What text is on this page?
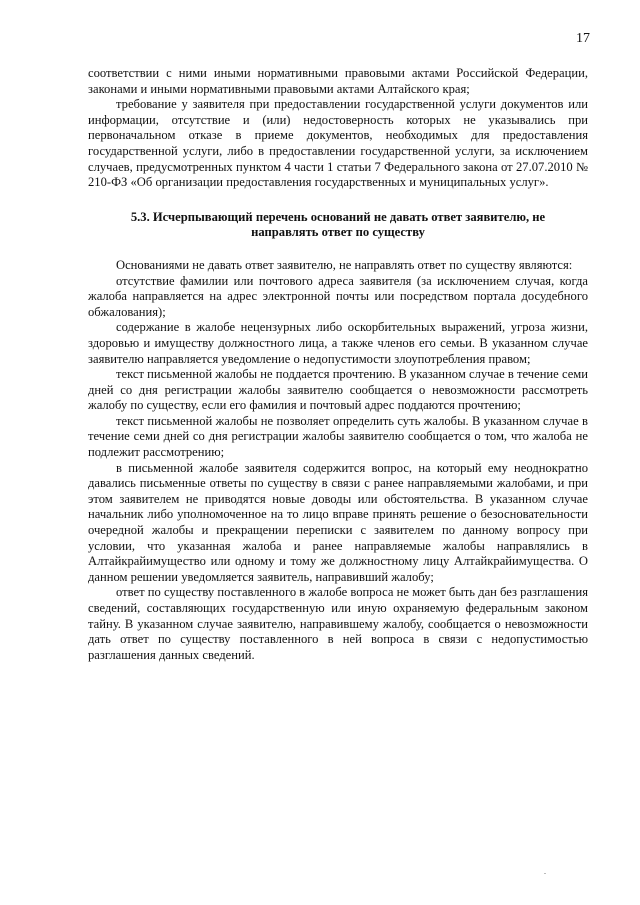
17

соответствии с ними иными нормативными правовыми актами Российской Федерации, законами и иными нормативными правовыми актами Алтайского края;

требование у заявителя при предоставлении государственной услуги документов или информации, отсутствие и (или) недостоверность которых не указывались при первоначальном отказе в приеме документов, необходимых для предоставления государственной услуги, либо в предоставлении государственной услуги, за исключением случаев, предусмотренных пунктом 4 части 1 статьи 7 Федерального закона от 27.07.2010 № 210-ФЗ «Об организации предоставления государственных и муниципальных услуг».

5.3. Исчерпывающий перечень оснований не давать ответ заявителю, не
направлять ответ по существу

Основаниями не давать ответ заявителю, не направлять ответ по существу являются:

отсутствие фамилии или почтового адреса заявителя (за исключением случая, когда жалоба направляется на адрес электронной почты или посредством портала досудебного обжалования);

содержание в жалобе нецензурных либо оскорбительных выражений, угроза жизни, здоровью и имуществу должностного лица, а также членов его семьи. В указанном случае заявителю направляется уведомление о недопустимости злоупотребления правом;

текст письменной жалобы не поддается прочтению. В указанном случае в течение семи дней со дня регистрации жалобы заявителю сообщается о невозможности рассмотреть жалобу по существу, если его фамилия и почтовый адрес поддаются прочтению;

текст письменной жалобы не позволяет определить суть жалобы. В указанном случае в течение семи дней со дня регистрации жалобы заявителю сообщается о том, что жалоба не подлежит рассмотрению;

в письменной жалобе заявителя содержится вопрос, на который ему неоднократно давались письменные ответы по существу в связи с ранее направляемыми жалобами, и при этом заявителем не приводятся новые доводы или обстоятельства. В указанном случае начальник либо уполномоченное на то лицо вправе принять решение о безосновательности очередной жалобы и прекращении переписки с заявителем по данному вопросу при условии, что указанная жалоба и ранее направляемые жалобы направлялись в Алтайкрайимущество или одному и тому же должностному лицу Алтайкрайимущества. О данном решении уведомляется заявитель, направивший жалобу;

ответ по существу поставленного в жалобе вопроса не может быть дан без разглашения сведений, составляющих государственную или иную охраняемую федеральным законом тайну. В указанном случае заявителю, направившему жалобу, сообщается о невозможности дать ответ по существу поставленного в ней вопроса в связи с недопустимостью разглашения данных сведений.
